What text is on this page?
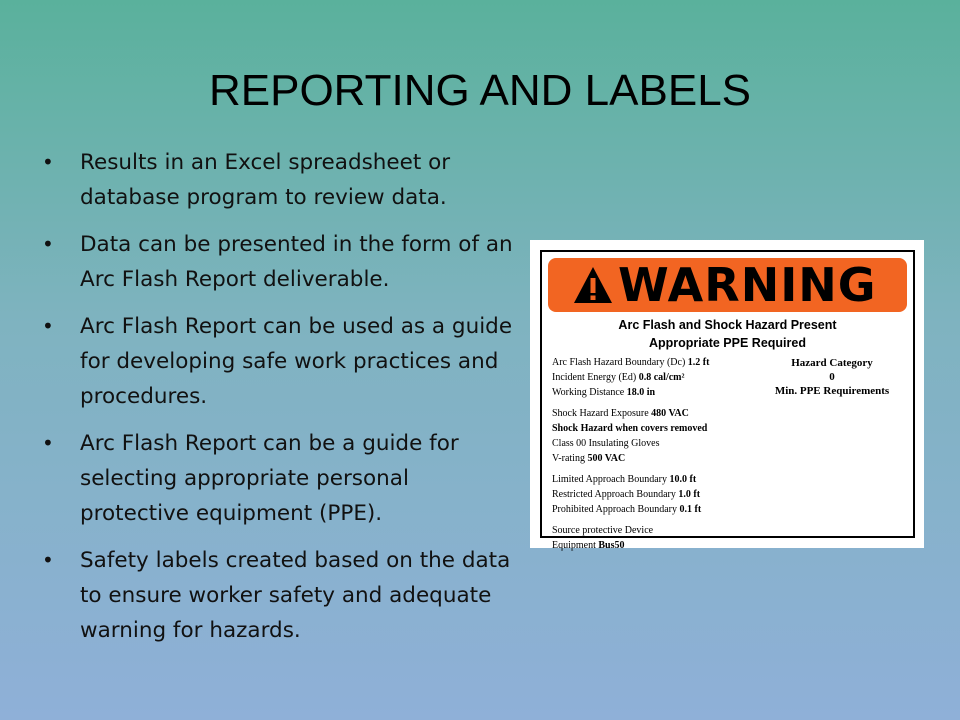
REPORTING AND LABELS
• Results in an Excel spreadsheet or database program to review data.
• Data can be presented in the form of an Arc Flash Report deliverable.
• Arc Flash Report can be used as a guide for developing safe work practices and procedures.
• Arc Flash Report can be a guide for selecting appropriate personal protective equipment (PPE).
• Safety labels created based on the data to ensure worker safety and adequate warning for hazards.
WARNING
Arc Flash and Shock Hazard Present
Appropriate PPE Required
Arc Flash Hazard Boundary (Dc) 1.2 ft
Incident Energy (Ed) 0.8 cal/cm²
Working Distance 18.0 in
Shock Hazard Exposure 480 VAC
Shock Hazard when covers removed
Class 00 Insulating Gloves
V-rating 500 VAC
Limited Approach Boundary 10.0 ft
Restricted Approach Boundary 1.0 ft
Prohibited Approach Boundary 0.1 ft
Source protective Device
Equipment Bus50
Hazard Category
0
Min. PPE Requirements
